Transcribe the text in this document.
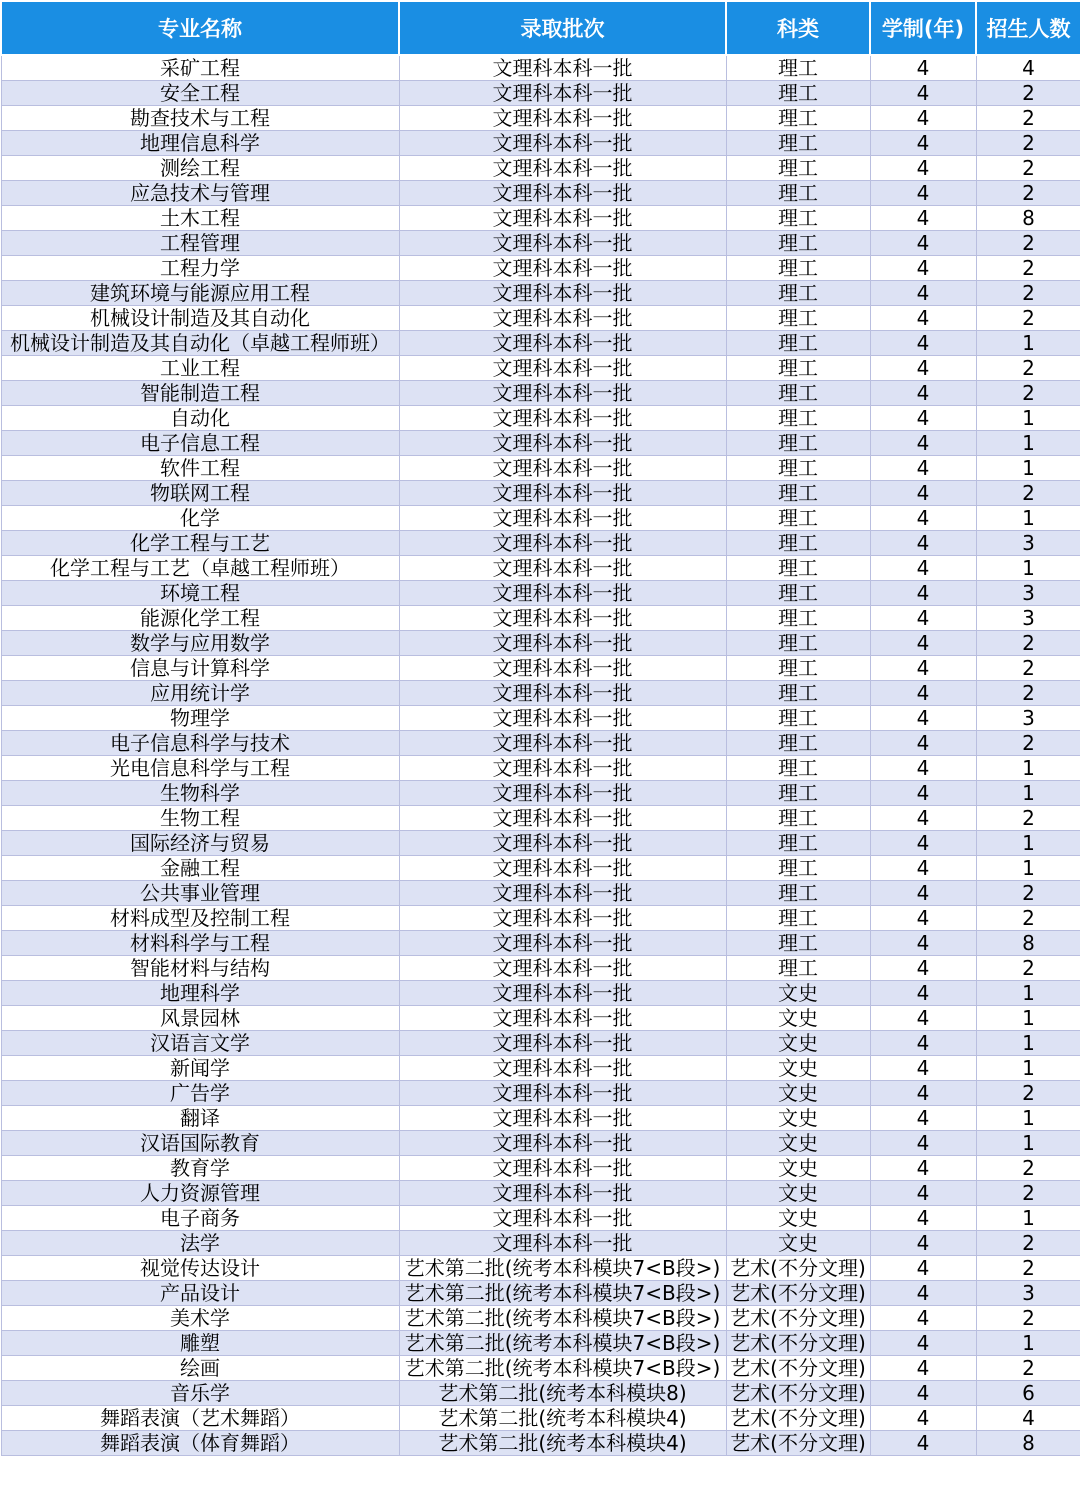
专业名称	录取批次	科类	学制(年)	招生人数
采矿工程	文理科本科一批	理工	4	4
安全工程	文理科本科一批	理工	4	2
勘查技术与工程	文理科本科一批	理工	4	2
地理信息科学	文理科本科一批	理工	4	2
测绘工程	文理科本科一批	理工	4	2
应急技术与管理	文理科本科一批	理工	4	2
土木工程	文理科本科一批	理工	4	8
工程管理	文理科本科一批	理工	4	2
工程力学	文理科本科一批	理工	4	2
建筑环境与能源应用工程	文理科本科一批	理工	4	2
机械设计制造及其自动化	文理科本科一批	理工	4	2
机械设计制造及其自动化（卓越工程师班）	文理科本科一批	理工	4	1
工业工程	文理科本科一批	理工	4	2
智能制造工程	文理科本科一批	理工	4	2
自动化	文理科本科一批	理工	4	1
电子信息工程	文理科本科一批	理工	4	1
软件工程	文理科本科一批	理工	4	1
物联网工程	文理科本科一批	理工	4	2
化学	文理科本科一批	理工	4	1
化学工程与工艺	文理科本科一批	理工	4	3
化学工程与工艺（卓越工程师班）	文理科本科一批	理工	4	1
环境工程	文理科本科一批	理工	4	3
能源化学工程	文理科本科一批	理工	4	3
数学与应用数学	文理科本科一批	理工	4	2
信息与计算科学	文理科本科一批	理工	4	2
应用统计学	文理科本科一批	理工	4	2
物理学	文理科本科一批	理工	4	3
电子信息科学与技术	文理科本科一批	理工	4	2
光电信息科学与工程	文理科本科一批	理工	4	1
生物科学	文理科本科一批	理工	4	1
生物工程	文理科本科一批	理工	4	2
国际经济与贸易	文理科本科一批	理工	4	1
金融工程	文理科本科一批	理工	4	1
公共事业管理	文理科本科一批	理工	4	2
材料成型及控制工程	文理科本科一批	理工	4	2
材料科学与工程	文理科本科一批	理工	4	8
智能材料与结构	文理科本科一批	理工	4	2
地理科学	文理科本科一批	文史	4	1
风景园林	文理科本科一批	文史	4	1
汉语言文学	文理科本科一批	文史	4	1
新闻学	文理科本科一批	文史	4	1
广告学	文理科本科一批	文史	4	2
翻译	文理科本科一批	文史	4	1
汉语国际教育	文理科本科一批	文史	4	1
教育学	文理科本科一批	文史	4	2
人力资源管理	文理科本科一批	文史	4	2
电子商务	文理科本科一批	文史	4	1
法学	文理科本科一批	文史	4	2
视觉传达设计	艺术第二批(统考本科模块7<B段>)	艺术(不分文理)	4	2
产品设计	艺术第二批(统考本科模块7<B段>)	艺术(不分文理)	4	3
美术学	艺术第二批(统考本科模块7<B段>)	艺术(不分文理)	4	2
雕塑	艺术第二批(统考本科模块7<B段>)	艺术(不分文理)	4	1
绘画	艺术第二批(统考本科模块7<B段>)	艺术(不分文理)	4	2
音乐学	艺术第二批(统考本科模块8)	艺术(不分文理)	4	6
舞蹈表演（艺术舞蹈）	艺术第二批(统考本科模块4)	艺术(不分文理)	4	4
舞蹈表演（体育舞蹈）	艺术第二批(统考本科模块4)	艺术(不分文理)	4	8
